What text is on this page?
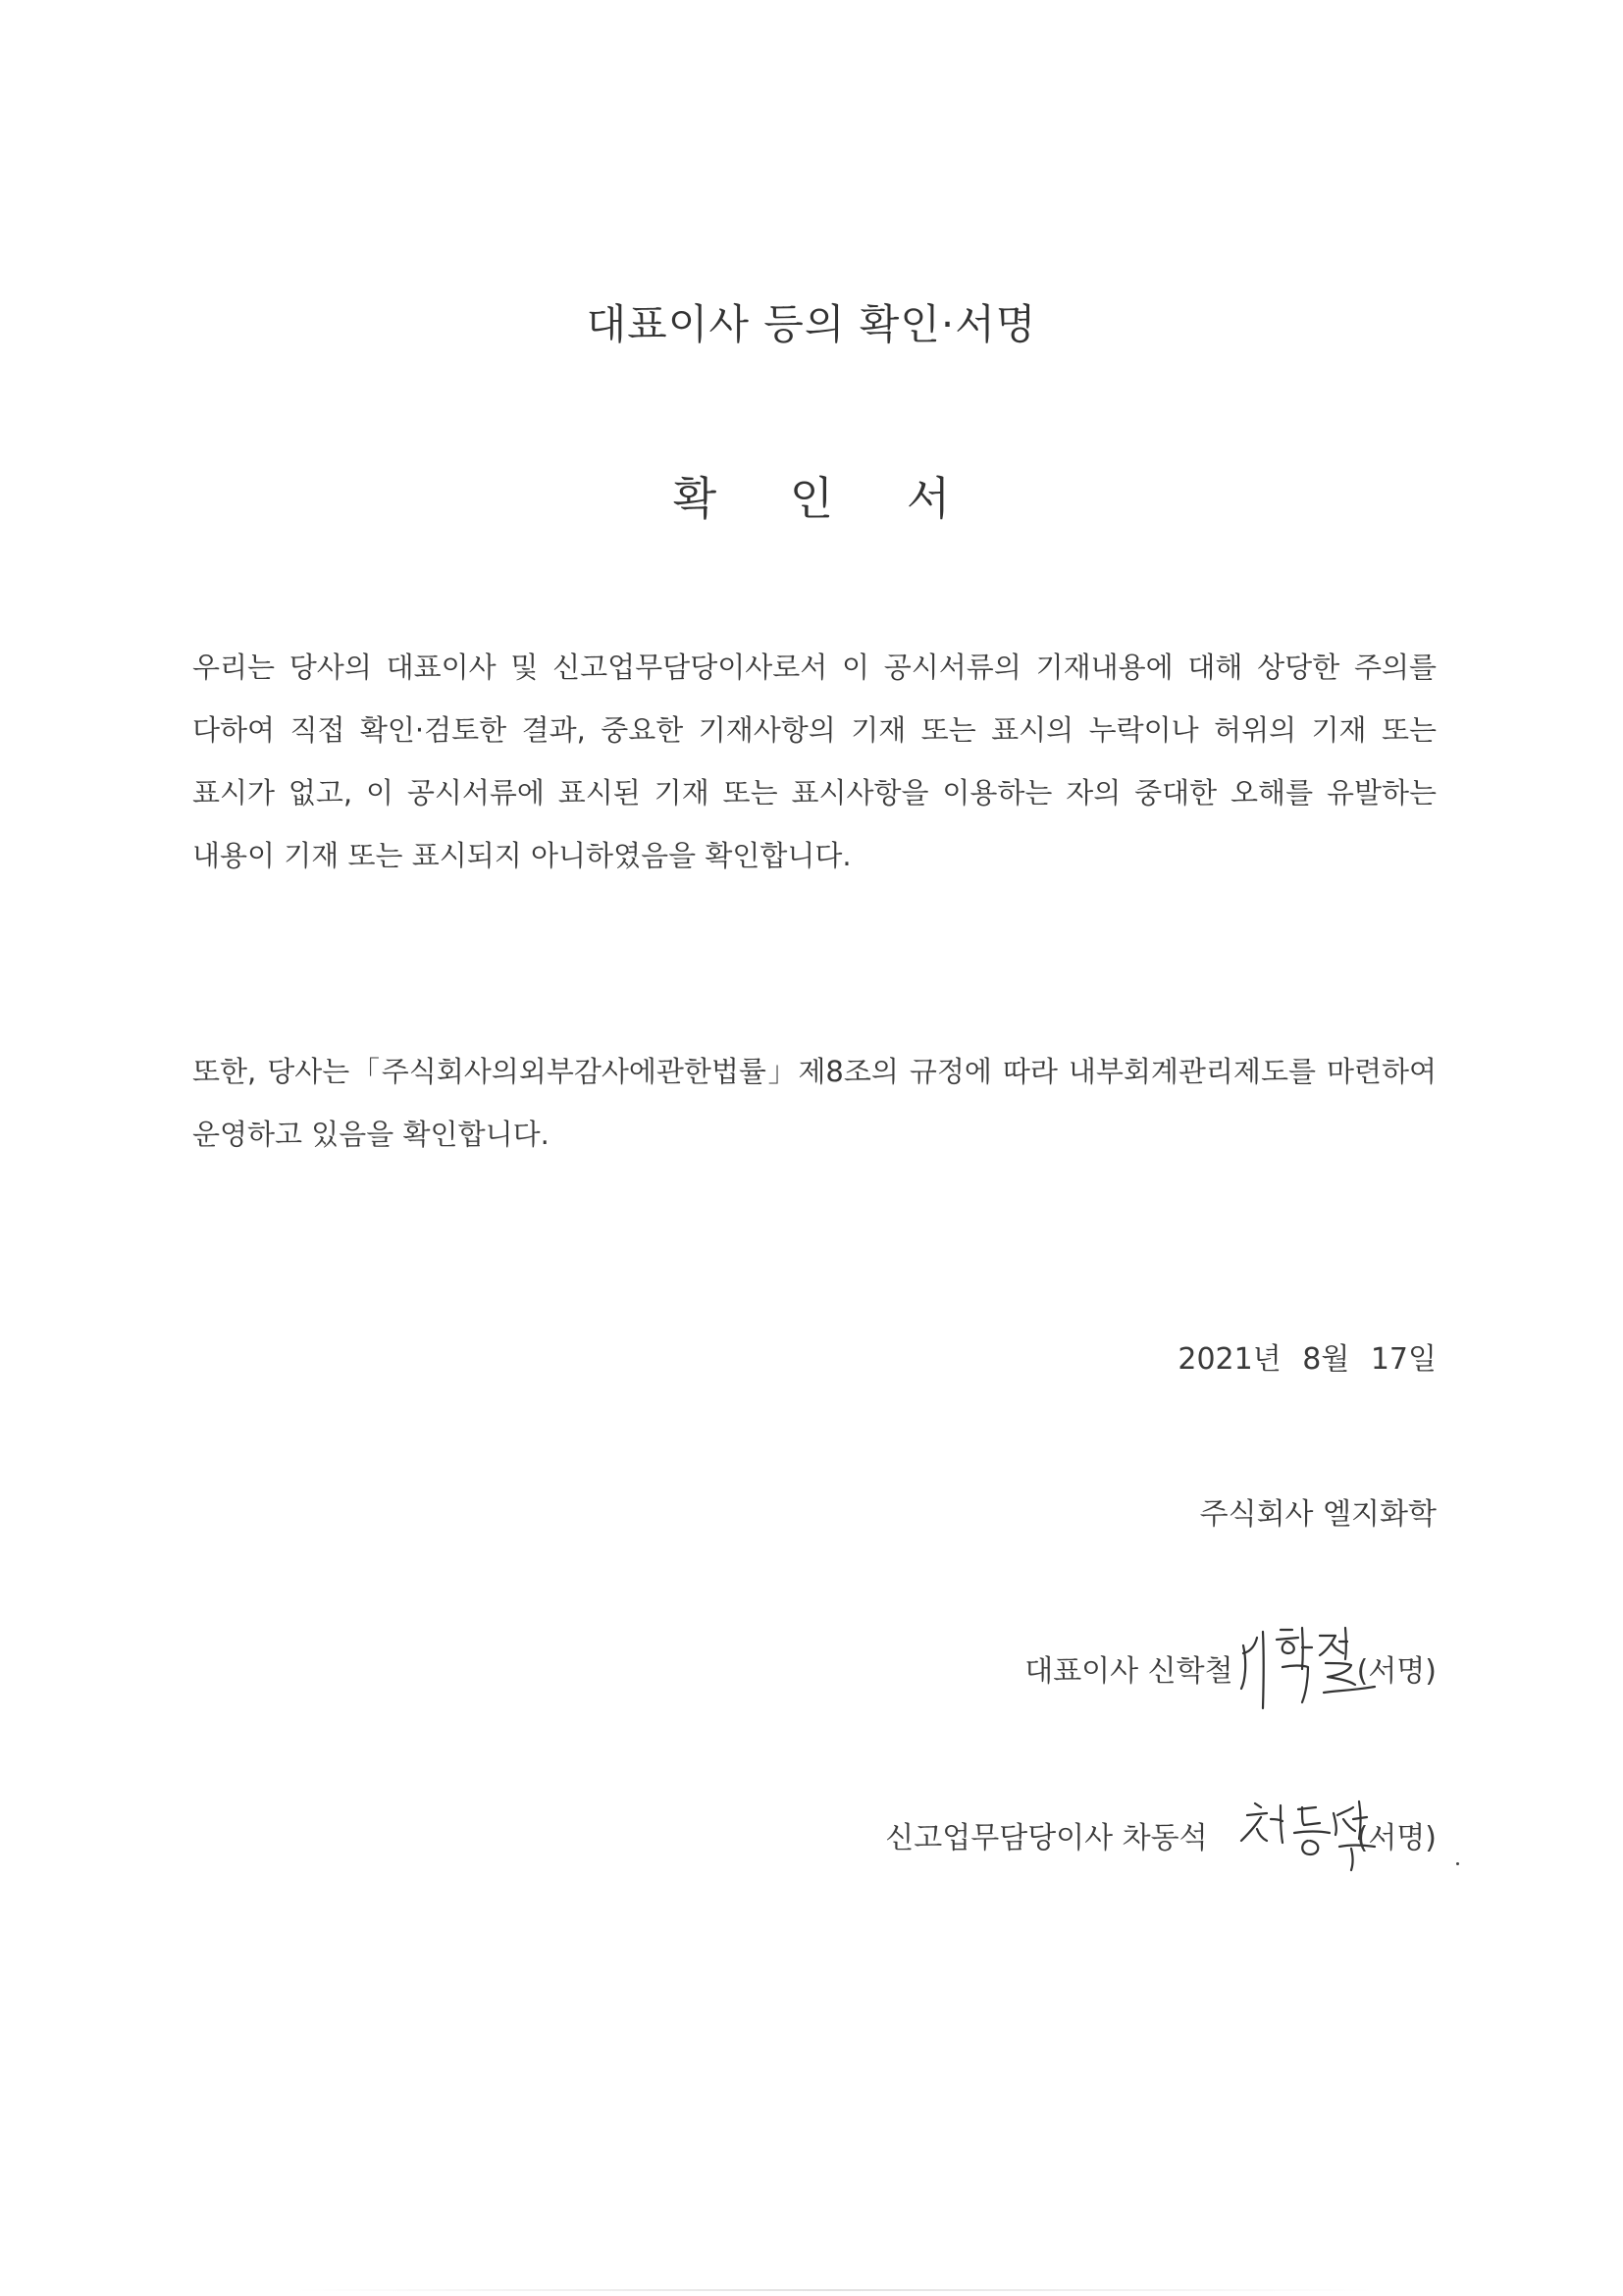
대표이사 등의 확인·서명
확 인 서

우리는 당사의 대표이사 및 신고업무담당이사로서 이 공시서류의 기재내용에 대해 상당한 주의를 다하여 직접 확인·검토한 결과, 중요한 기재사항의 기재 또는 표시의 누락이나 허위의 기재 또는 표시가 없고, 이 공시서류에 표시된 기재 또는 표시사항을 이용하는 자의 중대한 오해를 유발하는 내용이 기재 또는 표시되지 아니하였음을 확인합니다.

또한, 당사는「주식회사의외부감사에관한법률」제8조의 규정에 따라 내부회계관리제도를 마련하여 운영하고 있음을 확인합니다.

2021년 8월 17일

주식회사 엘지화학

대표이사 신학철	(서명)
신고업무담당이사 차동석	(서명)
